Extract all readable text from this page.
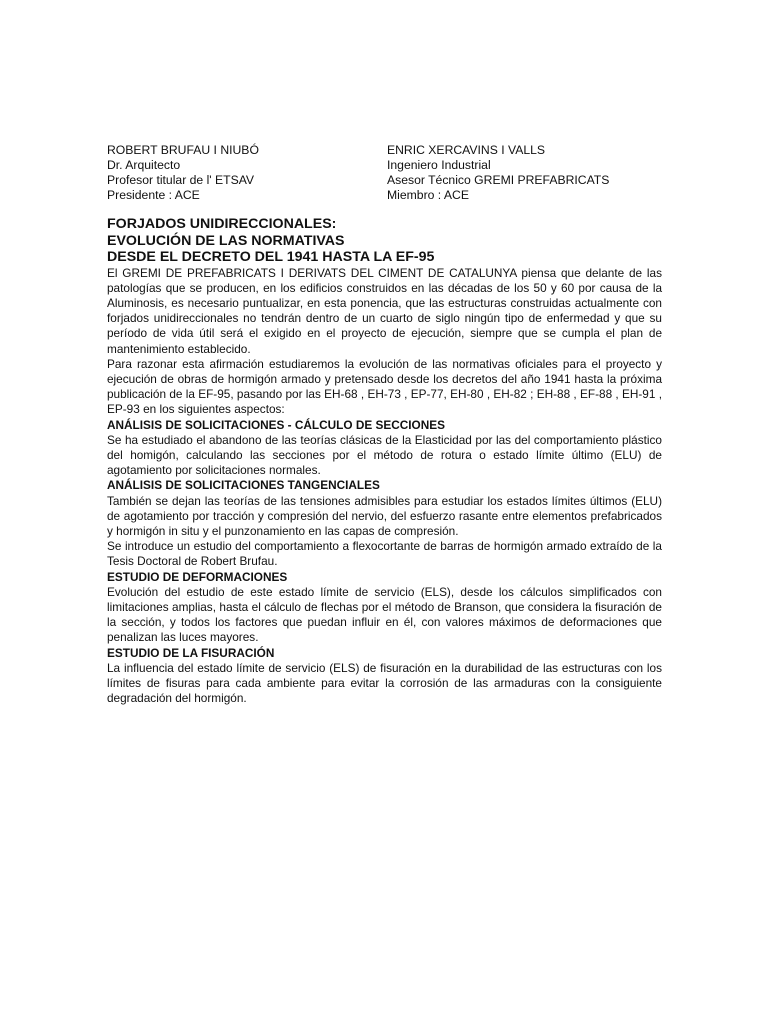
ROBERT BRUFAU I NIUBÓ
Dr. Arquitecto
Profesor titular de l' ETSAV
Presidente : ACE
ENRIC XERCAVINS I VALLS
Ingeniero Industrial
Asesor Técnico GREMI PREFABRICATS
Miembro : ACE
FORJADOS UNIDIRECCIONALES:
EVOLUCIÓN DE LAS NORMATIVAS
DESDE EL DECRETO DEL 1941 HASTA LA EF-95

El GREMI DE PREFABRICATS I DERIVATS DEL CIMENT DE CATALUNYA piensa que delante de las patologías que se producen, en los edificios construidos en las décadas de los 50 y 60 por causa de la Aluminosis, es necesario puntualizar, en esta ponencia, que las estructuras construidas actualmente con forjados unidireccionales no tendrán dentro de un cuarto de siglo ningún tipo de enfermedad y que su período de vida útil será el exigido en el proyecto de ejecución, siempre que se cumpla el plan de mantenimiento establecido.

Para razonar esta afirmación estudiaremos la evolución de las normativas oficiales para el proyecto y ejecución de obras de hormigón armado y pretensado desde los decretos del año 1941 hasta la próxima publicación de la EF-95, pasando por las EH-68 , EH-73 , EP-77, EH-80 , EH-82 ; EH-88 , EF-88 , EH-91 , EP-93 en los siguientes aspectos:

ANÁLISIS DE SOLICITACIONES - CÁLCULO DE SECCIONES

Se ha estudiado el abandono de las teorías clásicas de la Elasticidad por las del comportamiento plástico del homigón, calculando las secciones por el método de rotura o estado límite último (ELU) de agotamiento por solicitaciones normales.

ANÁLISIS DE SOLICITACIONES TANGENCIALES

También se dejan las teorías de las tensiones admisibles para estudiar los estados límites últimos (ELU) de agotamiento por tracción y compresión del nervio, del esfuerzo rasante entre elementos prefabricados y hormigón in situ y el punzonamiento en las capas de compresión.

Se introduce un estudio del comportamiento a flexocortante de barras de hormigón armado extraído de la Tesis Doctoral de Robert Brufau.

ESTUDIO DE DEFORMACIONES

Evolución del estudio de este estado límite de servicio (ELS), desde los cálculos simplificados con limitaciones amplias, hasta el cálculo de flechas por el método de Branson, que considera la fisuración de la sección, y todos los factores que puedan influir en él, con valores máximos de deformaciones que penalizan las luces mayores.

ESTUDIO DE LA FISURACIÓN

La influencia del estado límite de servicio (ELS) de fisuración en la durabilidad de las estructuras con los límites de fisuras para cada ambiente para evitar la corrosión de las armaduras con la consiguiente degradación del hormigón.
